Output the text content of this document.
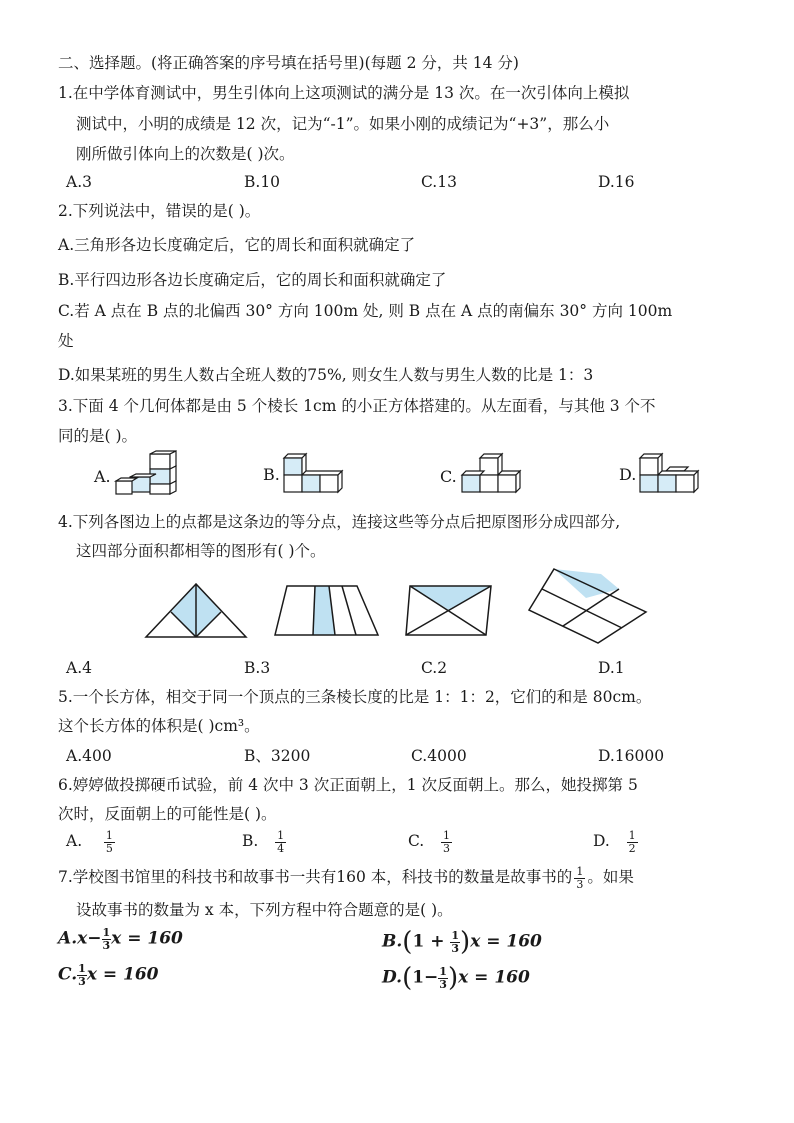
二、选择题。(将正确答案的序号填在括号里)(每题 2 分，共 14 分)
1.在中学体育测试中，男生引体向上这项测试的满分是 13 次。在一次引体向上模拟
测试中，小明的成绩是 12 次，记为“-1”。如果小刚的成绩记为“+3”，那么小
刚所做引体向上的次数是( )次。
A.3	B.10	C.13	D.16
2.下列说法中，错误的是( )。
A.三角形各边长度确定后，它的周长和面积就确定了
B.平行四边形各边长度确定后，它的周长和面积就确定了
C.若 A 点在 B 点的北偏西 30° 方向 100m 处, 则 B 点在 A 点的南偏东 30° 方向 100m
处
D.如果某班的男生人数占全班人数的75%, 则女生人数与男生人数的比是 1：3
3.下面 4 个几何体都是由 5 个棱长 1cm 的小正方体搭建的。从左面看，与其他 3 个不
同的是( )。
A.	B.	C.	D.
4.下列各图边上的点都是这条边的等分点，连接这些等分点后把原图形分成四部分,
这四部分面积都相等的图形有( )个。
A.4	B.3	C.2	D.1
5.一个长方体，相交于同一个顶点的三条棱长度的比是 1：1：2，它们的和是 80cm。
这个长方体的体积是( )cm³。
A.400	B、3200	C.4000	D.16000
6.婷婷做投掷硬币试验，前 4 次中 3 次正面朝上，1 次反面朝上。那么，她投掷第 5
次时，反面朝上的可能性是( )。
A. $\frac{1}{5}$	B. $\frac{1}{4}$	C. $\frac{1}{3}$	D. $\frac{1}{2}$
7.学校图书馆里的科技书和故事书一共有160 本，科技书的数量是故事书的 $\frac{1}{3}$ 。如果
设故事书的数量为 x 本，下列方程中符合题意的是( )。
$A.x- \frac{1}{3}$ x = 160	$B.(1 + \frac{1}{3} )x = 160$
C. $\frac{1}{3}$ x = 160	$D.(1- \frac{1}{3} )x = 160$
